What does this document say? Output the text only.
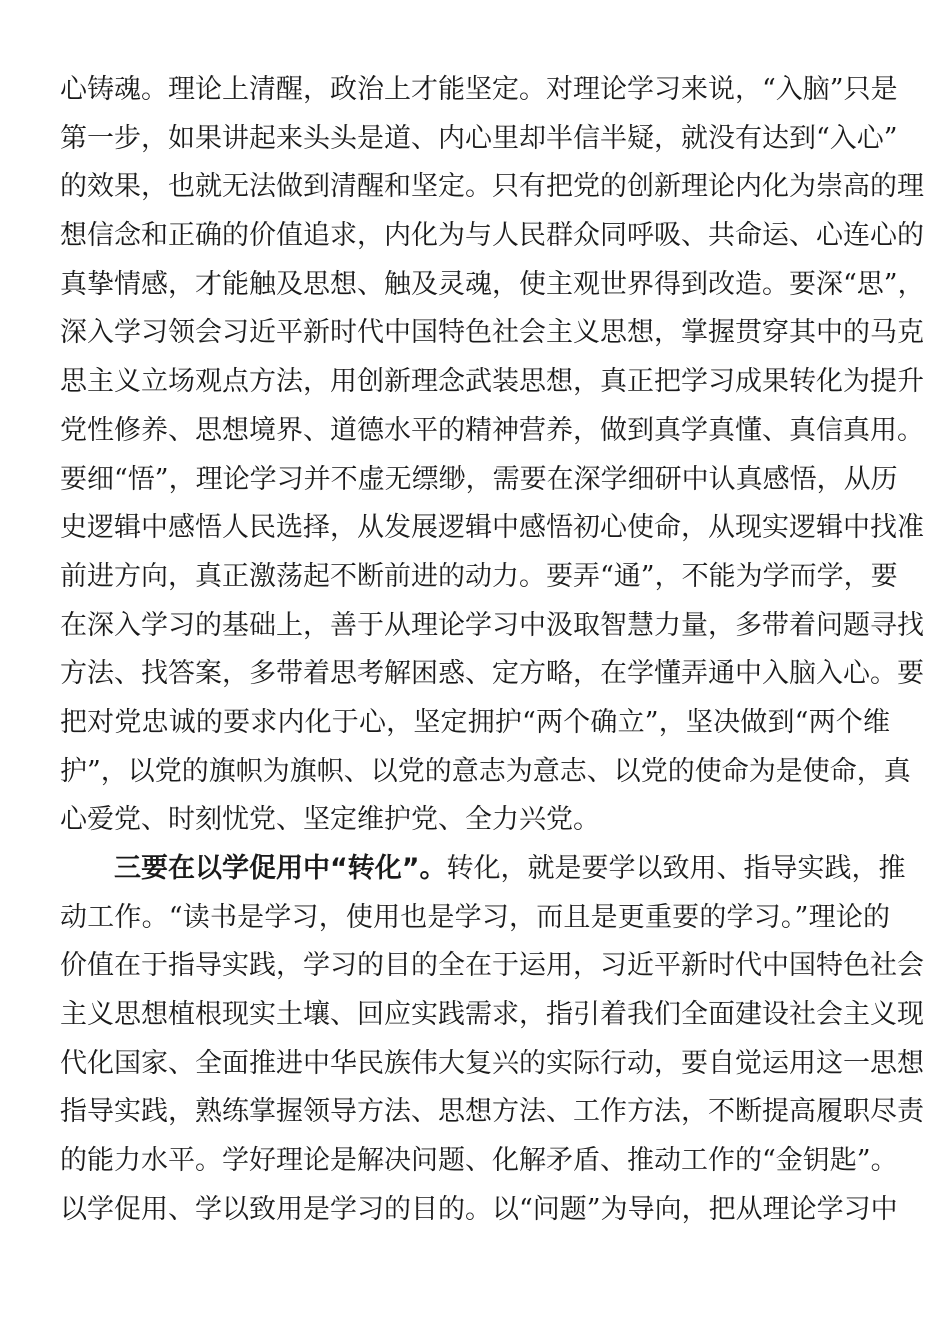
心铸魂。理论上清醒，政治上才能坚定。对理论学习来说，“入脑”只是
第一步，如果讲起来头头是道、内心里却半信半疑，就没有达到“入心”
的效果，也就无法做到清醒和坚定。只有把党的创新理论内化为崇高的理
想信念和正确的价值追求，内化为与人民群众同呼吸、共命运、心连心的
真挚情感，才能触及思想、触及灵魂，使主观世界得到改造。要深“思”，
深入学习领会习近平新时代中国特色社会主义思想，掌握贯穿其中的马克
思主义立场观点方法，用创新理念武装思想，真正把学习成果转化为提升
党性修养、思想境界、道德水平的精神营养，做到真学真懂、真信真用。
要细“悟”，理论学习并不虚无缥缈，需要在深学细研中认真感悟，从历
史逻辑中感悟人民选择，从发展逻辑中感悟初心使命，从现实逻辑中找准
前进方向，真正激荡起不断前进的动力。要弄“通”，不能为学而学，要
在深入学习的基础上，善于从理论学习中汲取智慧力量，多带着问题寻找
方法、找答案，多带着思考解困惑、定方略，在学懂弄通中入脑入心。要
把对党忠诚的要求内化于心，坚定拥护“两个确立”，坚决做到“两个维
护”，以党的旗帜为旗帜、以党的意志为意志、以党的使命为是使命，真
心爱党、时刻忧党、坚定维护党、全力兴党。
三要在以学促用中“转化”。转化，就是要学以致用、指导实践，推
动工作。“读书是学习，使用也是学习，而且是更重要的学习。”理论的
价值在于指导实践，学习的目的全在于运用，习近平新时代中国特色社会
主义思想植根现实土壤、回应实践需求，指引着我们全面建设社会主义现
代化国家、全面推进中华民族伟大复兴的实际行动，要自觉运用这一思想
指导实践，熟练掌握领导方法、思想方法、工作方法，不断提高履职尽责
的能力水平。学好理论是解决问题、化解矛盾、推动工作的“金钥匙”。
以学促用、学以致用是学习的目的。以“问题”为导向，把从理论学习中
